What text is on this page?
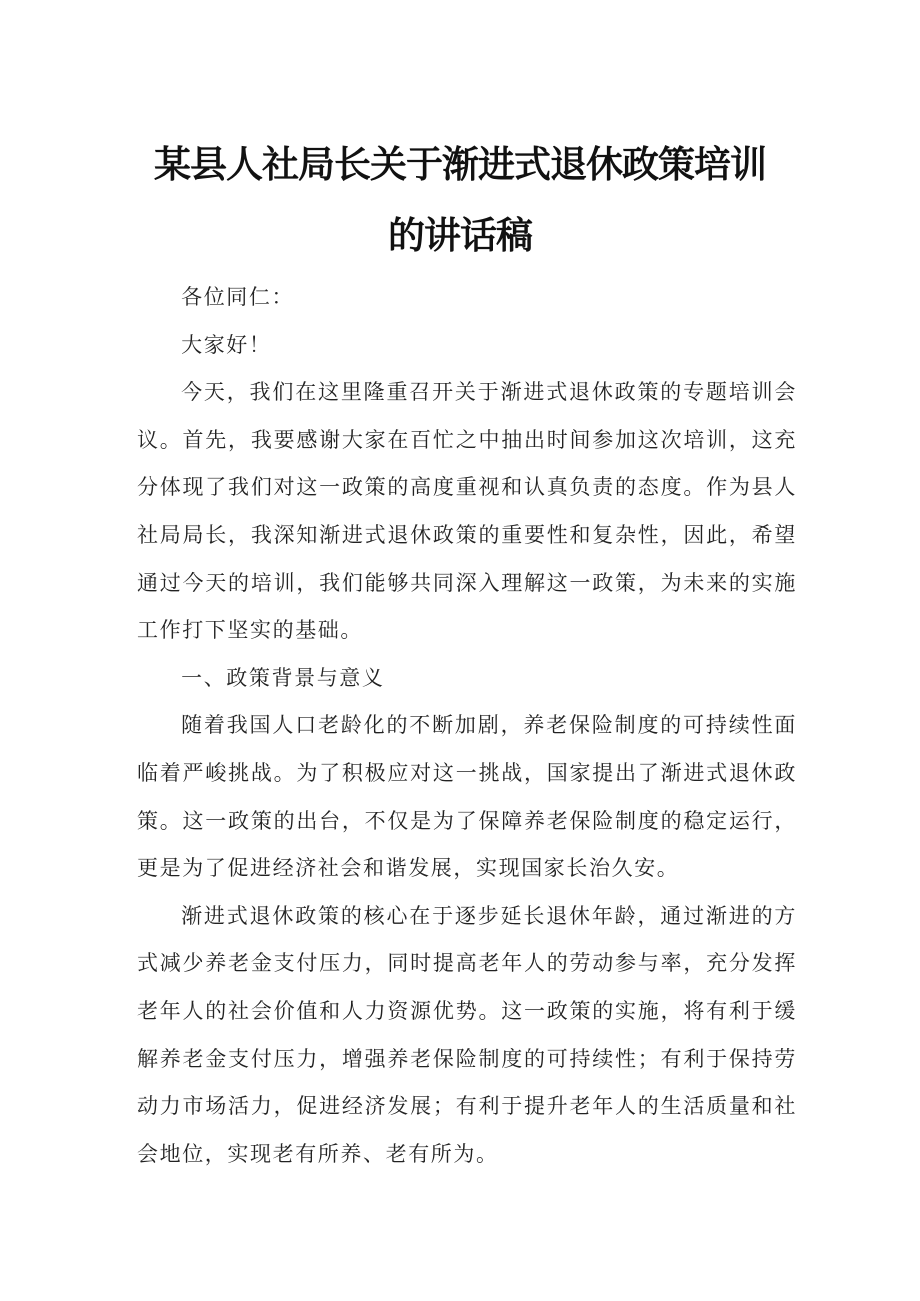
某县人社局长关于渐进式退休政策培训
的讲话稿

各位同仁：

大家好！

今天，我们在这里隆重召开关于渐进式退休政策的专题培训会议。首先，我要感谢大家在百忙之中抽出时间参加这次培训，这充分体现了我们对这一政策的高度重视和认真负责的态度。作为县人社局局长，我深知渐进式退休政策的重要性和复杂性，因此，希望通过今天的培训，我们能够共同深入理解这一政策，为未来的实施工作打下坚实的基础。

一、政策背景与意义

随着我国人口老龄化的不断加剧，养老保险制度的可持续性面临着严峻挑战。为了积极应对这一挑战，国家提出了渐进式退休政策。这一政策的出台，不仅是为了保障养老保险制度的稳定运行，更是为了促进经济社会和谐发展，实现国家长治久安。

渐进式退休政策的核心在于逐步延长退休年龄，通过渐进的方式减少养老金支付压力，同时提高老年人的劳动参与率，充分发挥老年人的社会价值和人力资源优势。这一政策的实施，将有利于缓解养老金支付压力，增强养老保险制度的可持续性；有利于保持劳动力市场活力，促进经济发展；有利于提升老年人的生活质量和社会地位，实现老有所养、老有所为。
